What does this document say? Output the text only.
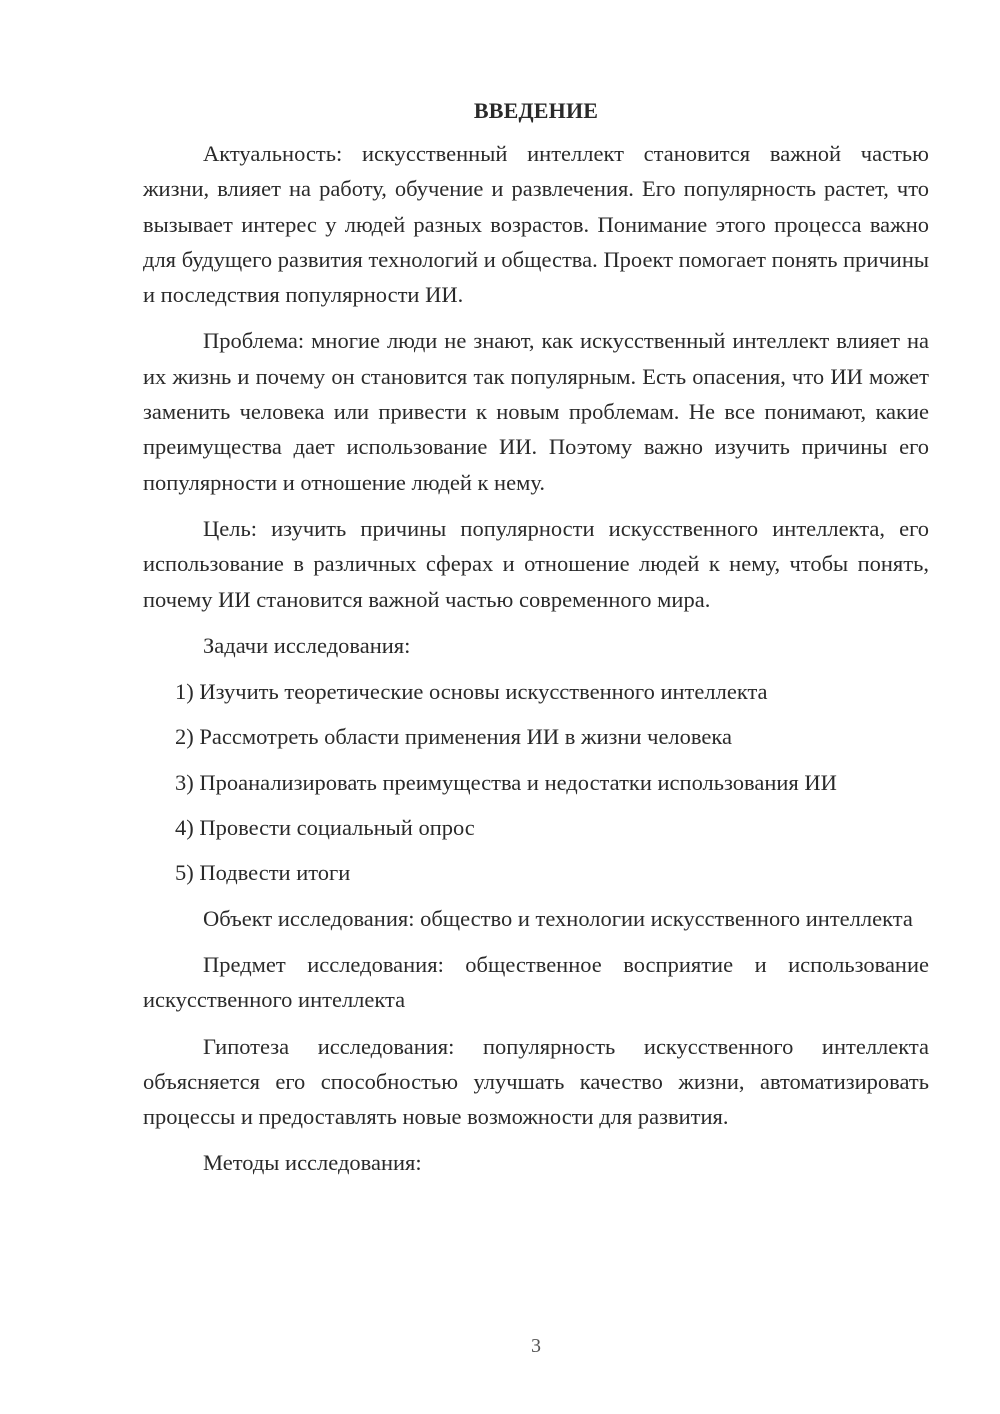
ВВЕДЕНИЕ

Актуальность: искусственный интеллект становится важной частью жизни, влияет на работу, обучение и развлечения. Его популярность растет, что вызывает интерес у людей разных возрастов. Понимание этого процесса важно для будущего развития технологий и общества. Проект помогает понять причины и последствия популярности ИИ.

Проблема: многие люди не знают, как искусственный интеллект влияет на их жизнь и почему он становится так популярным. Есть опасения, что ИИ может заменить человека или привести к новым проблемам. Не все понимают, какие преимущества дает использование ИИ. Поэтому важно изучить причины его популярности и отношение людей к нему.

Цель: изучить причины популярности искусственного интеллекта, его использование в различных сферах и отношение людей к нему, чтобы понять, почему ИИ становится важной частью современного мира.

Задачи исследования:

1) Изучить теоретические основы искусственного интеллекта
2) Рассмотреть области применения ИИ в жизни человека
3) Проанализировать преимущества и недостатки использования ИИ
4) Провести социальный опрос
5) Подвести итоги

Объект исследования: общество и технологии искусственного интеллекта

Предмет исследования: общественное восприятие и использование искусственного интеллекта

Гипотеза исследования: популярность искусственного интеллекта объясняется его способностью улучшать качество жизни, автоматизировать процессы и предоставлять новые возможности для развития.

Методы исследования:

3
